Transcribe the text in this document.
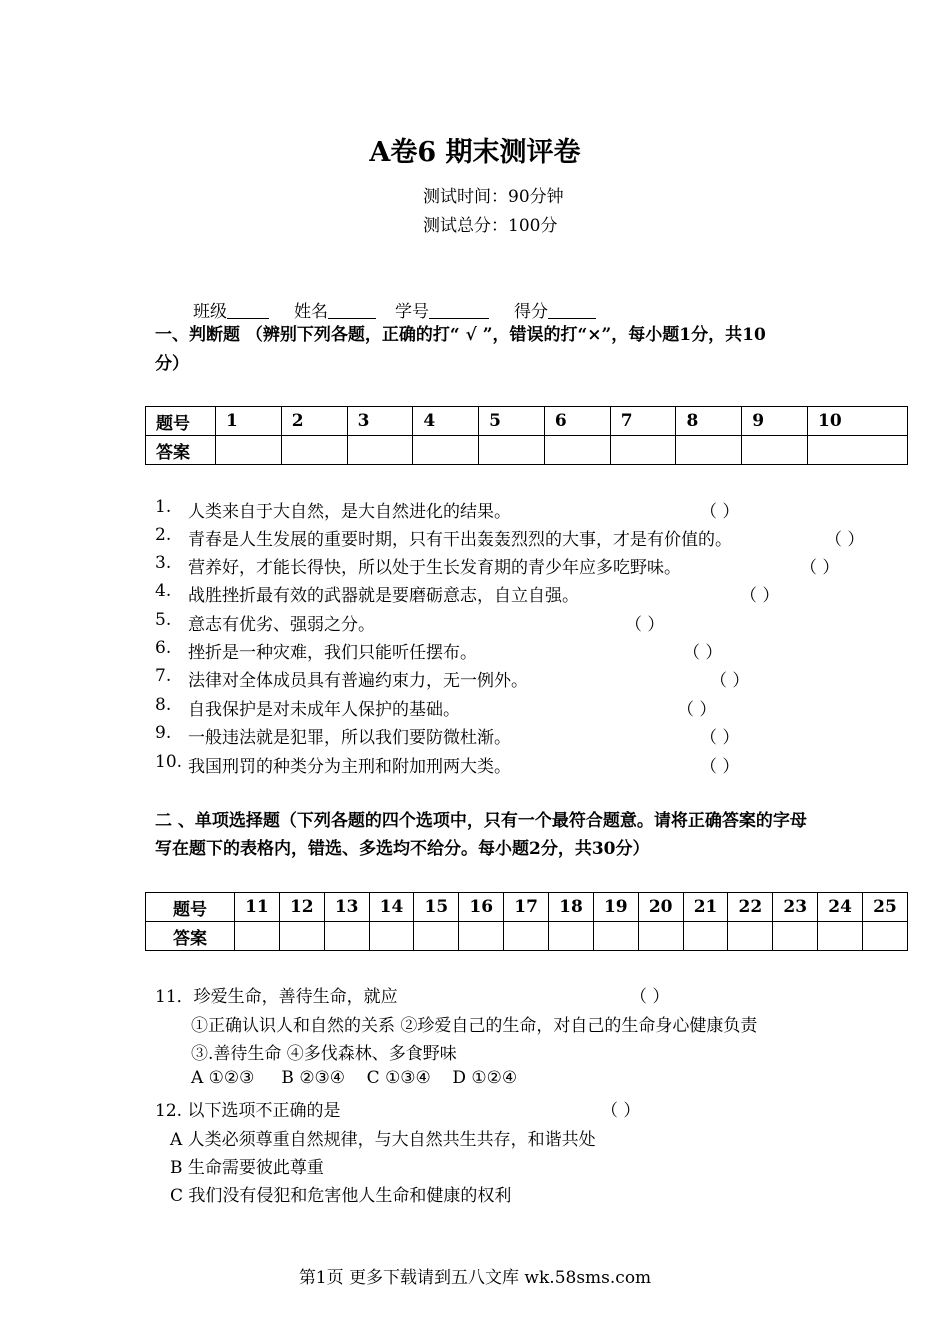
A卷6 期末测评卷
测试时间：90分钟
测试总分：100分
班级	姓名	学号	得分
一、判断题 （辨别下列各题，正确的打“ √ ”，错误的打“×”，每小题1分，共10
分）
题号	1	2	3	4	5	6	7	8	9	10
答案										
1. 人类来自于大自然，是大自然进化的结果。	（ ）
2. 青春是人生发展的重要时期，只有干出轰轰烈烈的大事，才是有价值的。	（ ）
3. 营养好，才能长得快，所以处于生长发育期的青少年应多吃野味。	（ ）
4. 战胜挫折最有效的武器就是要磨砺意志，自立自强。	（ ）
5. 意志有优劣、强弱之分。	（ ）
6. 挫折是一种灾难，我们只能听任摆布。	（ ）
7. 法律对全体成员具有普遍约束力，无一例外。	（ ）
8. 自我保护是对未成年人保护的基础。	（ ）
9. 一般违法就是犯罪，所以我们要防微杜渐。	（ ）
10. 我国刑罚的种类分为主刑和附加刑两大类。	（ ）
二 、单项选择题（下列各题的四个选项中，只有一个最符合题意。请将正确答案的字母
写在题下的表格内，错选、多选均不给分。每小题2分，共30分）
题号	11	12	13	14	15	16	17	18	19	20	21	22	23	24	25
答案															
11．珍爱生命，善待生命，就应	（ ）
①正确认识人和自然的关系 ②珍爱自己的生命，对自己的生命身心健康负责
③.善待生命 ④多伐森林、多食野味
A ①②③     B ②③④    C ①③④    D ①②④
12. 以下选项不正确的是	（ ）
A 人类必须尊重自然规律，与大自然共生共存，和谐共处
B 生命需要彼此尊重
C 我们没有侵犯和危害他人生命和健康的权利
第1页 更多下载请到五八文库 wk.58sms.com
